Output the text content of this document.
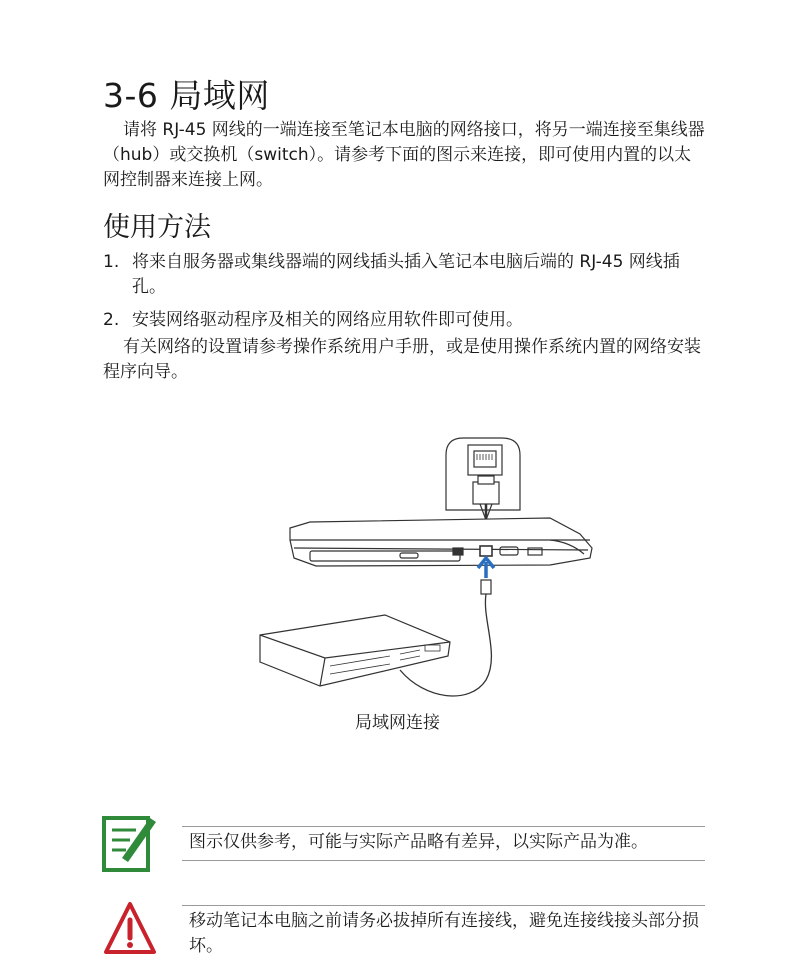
3-6 局域网

请将 RJ-45 网线的一端连接至笔记本电脑的网络接口，将另一端连接至集线器（hub）或交换机（switch）。请参考下面的图示来连接，即可使用内置的以太网控制器来连接上网。

使用方法
1. 将来自服务器或集线器端的网线插头插入笔记本电脑后端的 RJ-45 网线插孔。
2. 安装网络驱动程序及相关的网络应用软件即可使用。

有关网络的设置请参考操作系统用户手册，或是使用操作系统内置的网络安装程序向导。

局域网连接

图示仅供参考，可能与实际产品略有差异，以实际产品为准。

移动笔记本电脑之前请务必拔掉所有连接线，避免连接线接头部分损坏。
